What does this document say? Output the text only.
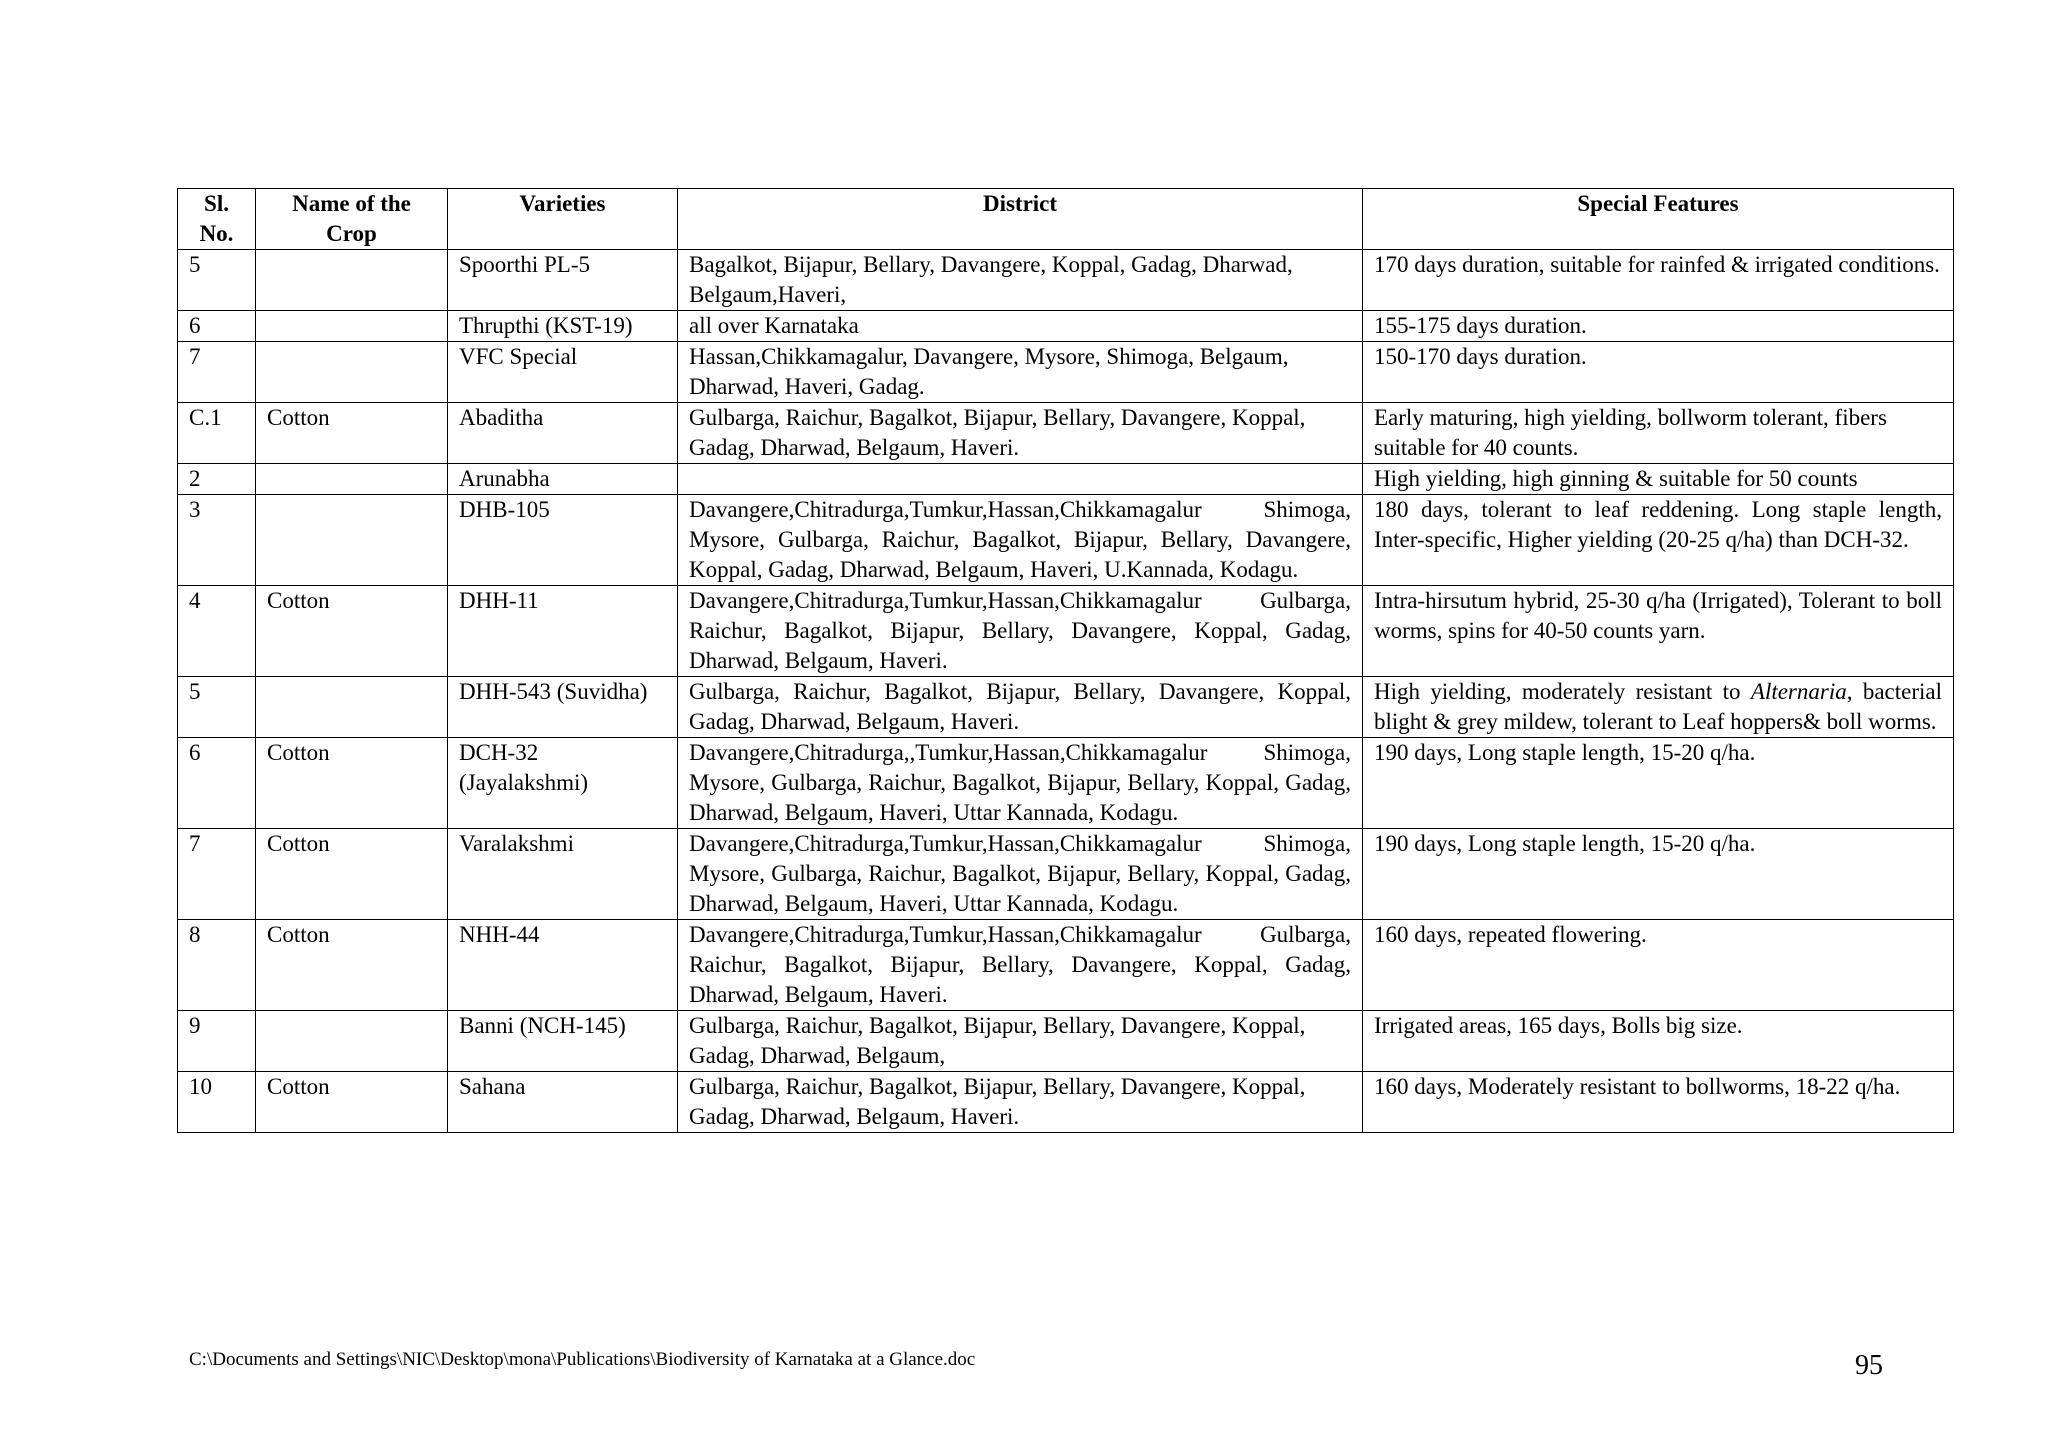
Sl. No.	Name of the Crop	Varieties	District	Special Features
5		Spoorthi PL-5	Bagalkot, Bijapur, Bellary, Davangere, Koppal, Gadag, Dharwad, Belgaum,Haveri,	170 days duration, suitable for rainfed & irrigated conditions.
6		Thrupthi (KST-19)	all over Karnataka	155-175 days duration.
7		VFC Special	Hassan,Chikkamagalur, Davangere, Mysore, Shimoga, Belgaum, Dharwad, Haveri, Gadag.	150-170 days duration.
C.1	Cotton	Abaditha	Gulbarga, Raichur, Bagalkot, Bijapur, Bellary, Davangere, Koppal, Gadag, Dharwad, Belgaum, Haveri.	Early maturing, high yielding, bollworm tolerant, fibers suitable for 40 counts.
2		Arunabha		High yielding, high ginning & suitable for 50 counts
3		DHB-105	Davangere,Chitradurga,Tumkur,Hassan,Chikkamagalur Shimoga, Mysore, Gulbarga, Raichur, Bagalkot, Bijapur, Bellary, Davangere, Koppal, Gadag, Dharwad, Belgaum, Haveri, U.Kannada, Kodagu.	180 days, tolerant to leaf reddening. Long staple length, Inter-specific, Higher yielding (20-25 q/ha) than DCH-32.
4	Cotton	DHH-11	Davangere,Chitradurga,Tumkur,Hassan,Chikkamagalur Gulbarga, Raichur, Bagalkot, Bijapur, Bellary, Davangere, Koppal, Gadag, Dharwad, Belgaum, Haveri.	Intra-hirsutum hybrid, 25-30 q/ha (Irrigated), Tolerant to boll worms, spins for 40-50 counts yarn.
5		DHH-543 (Suvidha)	Gulbarga, Raichur, Bagalkot, Bijapur, Bellary, Davangere, Koppal, Gadag, Dharwad, Belgaum, Haveri.	High yielding, moderately resistant to Alternaria, bacterial blight & grey mildew, tolerant to Leaf hoppers& boll worms.
6	Cotton	DCH-32 (Jayalakshmi)	Davangere,Chitradurga,,Tumkur,Hassan,Chikkamagalur Shimoga, Mysore, Gulbarga, Raichur, Bagalkot, Bijapur, Bellary, Koppal, Gadag, Dharwad, Belgaum, Haveri, Uttar Kannada, Kodagu.	190 days, Long staple length, 15-20 q/ha.
7	Cotton	Varalakshmi	Davangere,Chitradurga,Tumkur,Hassan,Chikkamagalur Shimoga, Mysore, Gulbarga, Raichur, Bagalkot, Bijapur, Bellary, Koppal, Gadag, Dharwad, Belgaum, Haveri, Uttar Kannada, Kodagu.	190 days, Long staple length, 15-20 q/ha.
8	Cotton	NHH-44	Davangere,Chitradurga,Tumkur,Hassan,Chikkamagalur Gulbarga, Raichur, Bagalkot, Bijapur, Bellary, Davangere, Koppal, Gadag, Dharwad, Belgaum, Haveri.	160 days, repeated flowering.
9		Banni (NCH-145)	Gulbarga, Raichur, Bagalkot, Bijapur, Bellary, Davangere, Koppal, Gadag, Dharwad, Belgaum,	Irrigated areas, 165 days, Bolls big size.
10	Cotton	Sahana	Gulbarga, Raichur, Bagalkot, Bijapur, Bellary, Davangere, Koppal, Gadag, Dharwad, Belgaum, Haveri.	160 days, Moderately resistant to bollworms, 18-22 q/ha.
C:\Documents and Settings\NIC\Desktop\mona\Publications\Biodiversity of Karnataka at a Glance.doc	95
